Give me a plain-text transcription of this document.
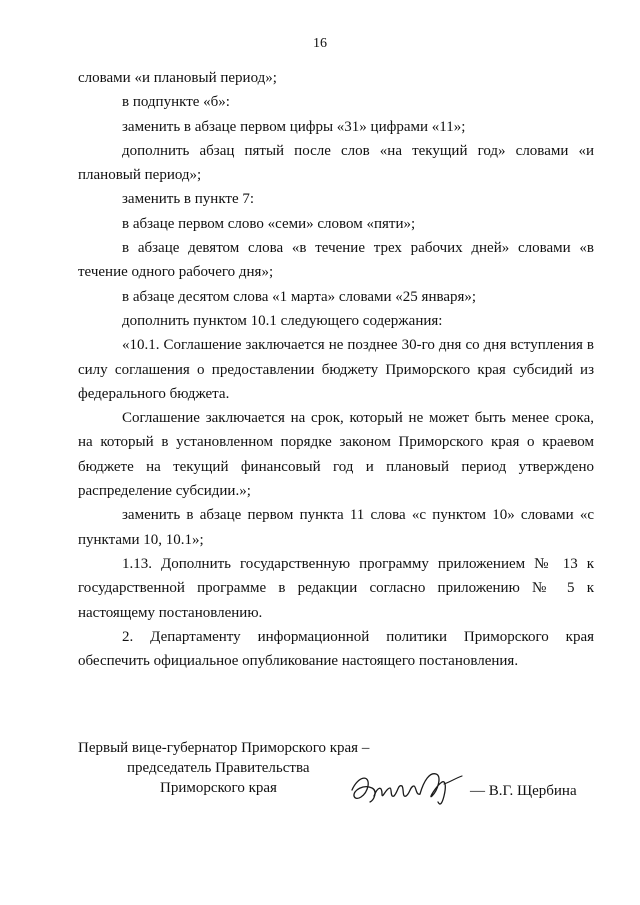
16

словами «и плановый период»;

в подпункте «б»:

заменить в абзаце первом цифры «31» цифрами «11»;

дополнить абзац пятый после слов «на текущий год» словами «и плановый период»;

заменить в пункте 7:

в абзаце первом слово «семи» словом «пяти»;

в абзаце девятом слова «в течение трех рабочих дней» словами «в течение одного рабочего дня»;

в абзаце десятом слова «1 марта» словами «25 января»;

дополнить пунктом 10.1 следующего содержания:

«10.1. Соглашение заключается не позднее 30-го дня со дня вступления в силу соглашения о предоставлении бюджету Приморского края субсидий из федерального бюджета.

Соглашение заключается на срок, который не может быть менее срока, на который в установленном порядке законом Приморского края о краевом бюджете на текущий финансовый год и плановый период утверждено распределение субсидии.»;

заменить в абзаце первом пункта 11 слова «с пунктом 10» словами «с пунктами 10, 10.1»;

1.13. Дополнить государственную программу приложением № 13 к государственной программе в редакции согласно приложению № 5 к настоящему постановлению.

2. Департаменту информационной политики Приморского края обеспечить официальное опубликование настоящего постановления.

Первый вице-губернатор Приморского края –
председатель Правительства
Приморского края	— В.Г. Щербина
